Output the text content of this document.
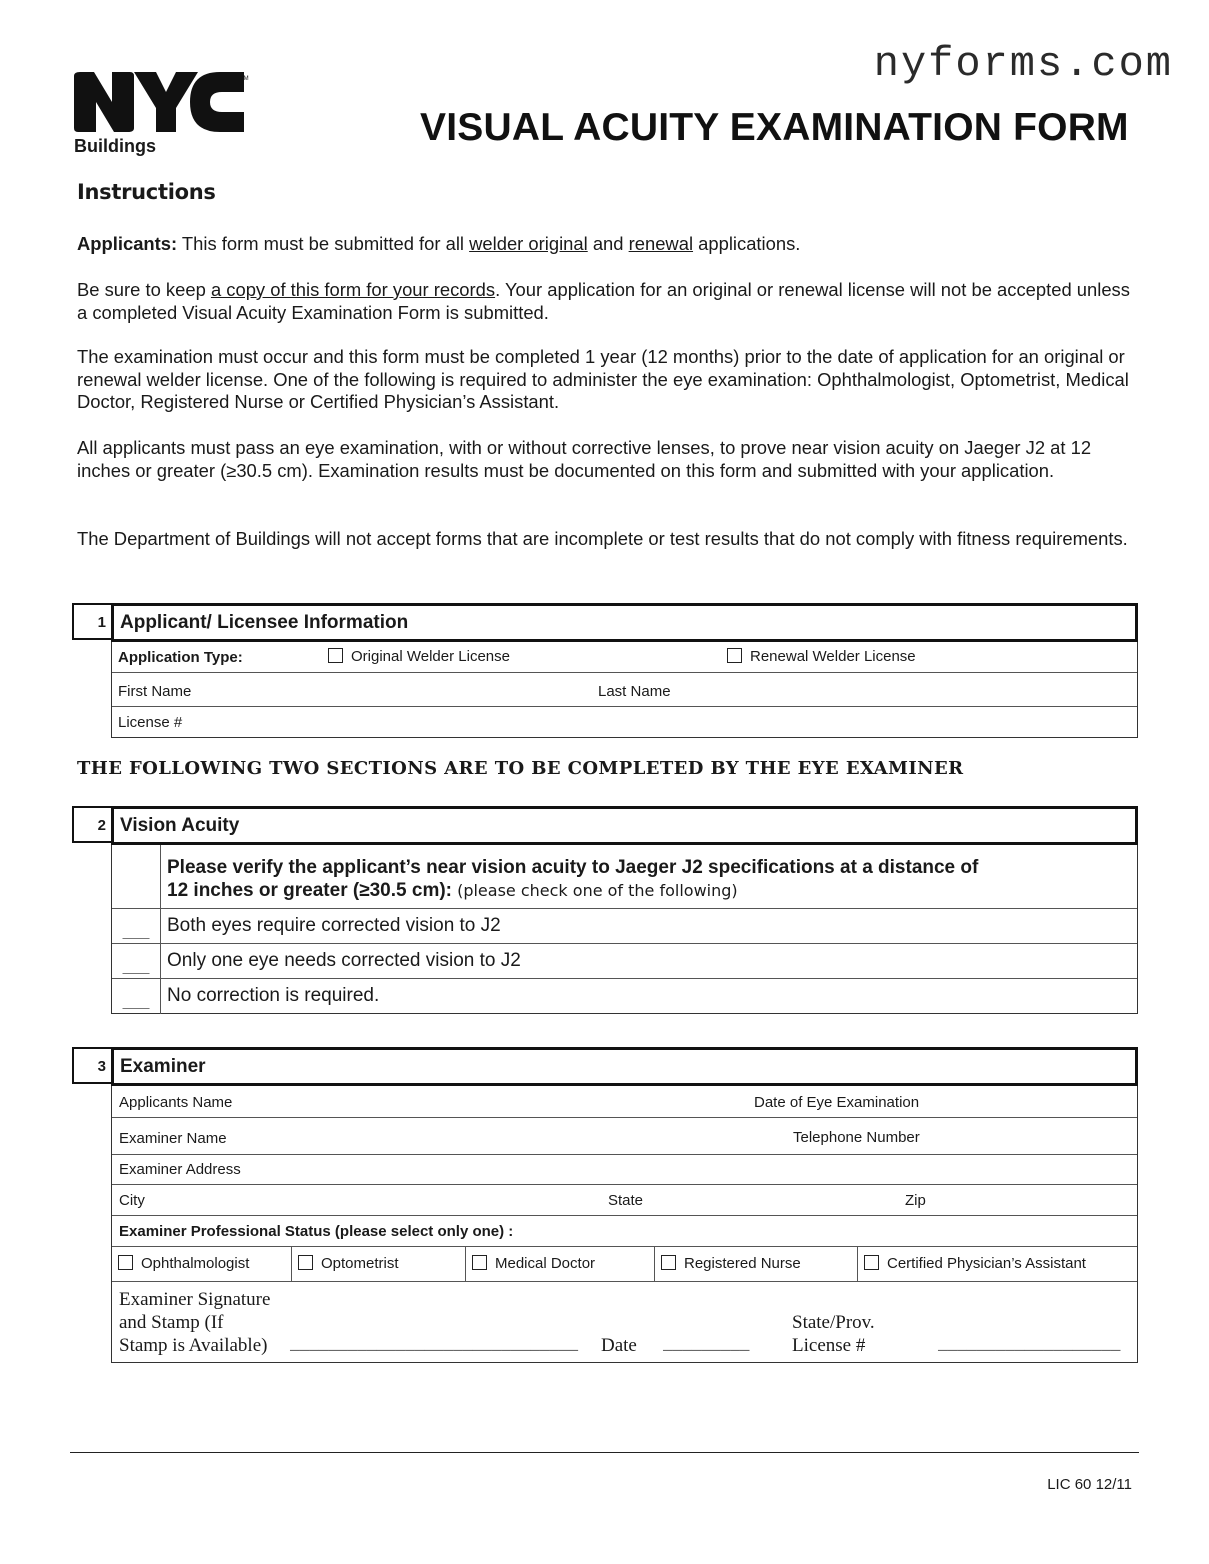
nyforms.com
TM
Buildings	VISUAL ACUITY EXAMINATION FORM
Instructions
Applicants: This form must be submitted for all welder original and renewal applications.
Be sure to keep a copy of this form for your records. Your application for an original or renewal license will not be accepted unless a completed Visual Acuity Examination Form is submitted.
The examination must occur and this form must be completed 1 year (12 months) prior to the date of application for an original or renewal welder license. One of the following is required to administer the eye examination: Ophthalmologist, Optometrist, Medical Doctor, Registered Nurse or Certified Physician’s Assistant.
All applicants must pass an eye examination, with or without corrective lenses, to prove near vision acuity on Jaeger J2 at 12 inches or greater (≥30.5 cm). Examination results must be documented on this form and submitted with your application.
The Department of Buildings will not accept forms that are incomplete or test results that do not comply with fitness requirements.
1 Applicant/ Licensee Information
Application Type:	Original Welder License	Renewal Welder License
First Name	Last Name
License #
THE FOLLOWING TWO SECTIONS ARE TO BE COMPLETED BY THE EYE EXAMINER
2 Vision Acuity
Please verify the applicant’s near vision acuity to Jaeger J2 specifications at a distance of
12 inches or greater (≥30.5 cm): (please check one of the following)
___ Both eyes require corrected vision to J2
___ Only one eye needs corrected vision to J2
___ No correction is required.
3 Examiner
Applicants Name	Date of Eye Examination
Examiner Name	Telephone Number
Examiner Address
City	State	Zip
Examiner Professional Status (please select only one) :
Ophthalmologist	Optometrist	Medical Doctor	Registered Nurse	Certified Physician’s Assistant
Examiner Signature
and Stamp (If
Stamp is Available) ______________________________ Date _________
State/Prov.
License #	___________________
LIC 60 12/11
